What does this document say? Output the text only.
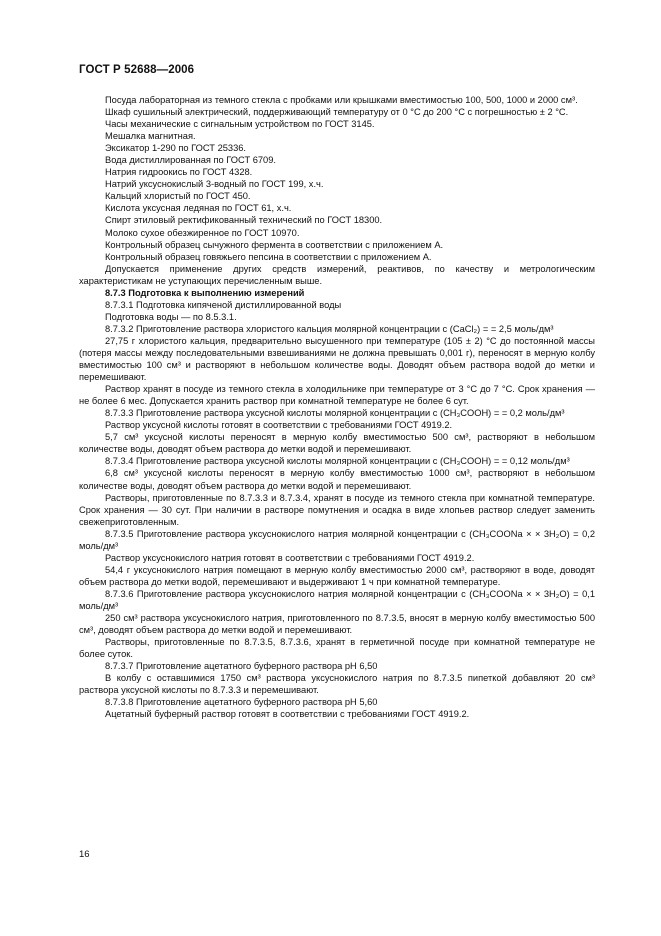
ГОСТ Р 52688—2006

Посуда лабораторная из темного стекла с пробками или крышками вместимостью 100, 500, 1000 и 2000 см³.

Шкаф сушильный электрический, поддерживающий температуру от 0 °С до 200 °С с погрешностью ± 2 °С.

Часы механические с сигнальным устройством по ГОСТ 3145.

Мешалка магнитная.

Эксикатор 1-290 по ГОСТ 25336.

Вода дистиллированная по ГОСТ 6709.

Натрия гидроокись по ГОСТ 4328.

Натрий уксуснокислый 3-водный по ГОСТ 199, х.ч.

Кальций хлористый по ГОСТ 450.

Кислота уксусная ледяная по ГОСТ 61, х.ч.

Спирт этиловый ректификованный технический по ГОСТ 18300.

Молоко сухое обезжиренное по ГОСТ 10970.

Контрольный образец сычужного фермента в соответствии с приложением А.

Контрольный образец говяжьего пепсина в соответствии с приложением А.

Допускается применение других средств измерений, реактивов, по качеству и метрологическим характеристикам не уступающих перечисленным выше.

8.7.3 Подготовка к выполнению измерений

8.7.3.1 Подготовка кипяченой дистиллированной воды

Подготовка воды — по 8.5.3.1.

8.7.3.2 Приготовление раствора хлористого кальция молярной концентрации c (CaCl₂) = = 2,5 моль/дм³

27,75 г хлористого кальция, предварительно высушенного при температуре (105 ± 2) °С до постоянной массы (потеря массы между последовательными взвешиваниями не должна превышать 0,001 г), переносят в мерную колбу вместимостью 100 см³ и растворяют в небольшом количестве воды. Доводят объем раствора водой до метки и перемешивают.

Раствор хранят в посуде из темного стекла в холодильнике при температуре от 3 °С до 7 °С. Срок хранения — не более 6 мес. Допускается хранить раствор при комнатной температуре не более 6 сут.

8.7.3.3 Приготовление раствора уксусной кислоты молярной концентрации c (CH₃COOH) = = 0,2 моль/дм³

Раствор уксусной кислоты готовят в соответствии с требованиями ГОСТ 4919.2.

5,7 см³ уксусной кислоты переносят в мерную колбу вместимостью 500 см³, растворяют в небольшом количестве воды, доводят объем раствора до метки водой и перемешивают.

8.7.3.4 Приготовление раствора уксусной кислоты молярной концентрации c (CH₃COOH) = = 0,12 моль/дм³

6,8 см³ уксусной кислоты переносят в мерную колбу вместимостью 1000 см³, растворяют в небольшом количестве воды, доводят объем раствора до метки водой и перемешивают.

Растворы, приготовленные по 8.7.3.3 и 8.7.3.4, хранят в посуде из темного стекла при комнатной температуре. Срок хранения — 30 сут. При наличии в растворе помутнения и осадка в виде хлопьев раствор следует заменить свежеприготовленным.

8.7.3.5 Приготовление раствора уксуснокислого натрия молярной концентрации c (CH₃COONa × × 3H₂O) = 0,2 моль/дм³

Раствор уксуснокислого натрия готовят в соответствии с требованиями ГОСТ 4919.2.

54,4 г уксуснокислого натрия помещают в мерную колбу вместимостью 2000 см³, растворяют в воде, доводят объем раствора до метки водой, перемешивают и выдерживают 1 ч при комнатной температуре.

8.7.3.6 Приготовление раствора уксуснокислого натрия молярной концентрации c (CH₃COONa × × 3H₂O) = 0,1 моль/дм³

250 см³ раствора уксуснокислого натрия, приготовленного по 8.7.3.5, вносят в мерную колбу вместимостью 500 см³, доводят объем раствора до метки водой и перемешивают.

Растворы, приготовленные по 8.7.3.5, 8.7.3.6, хранят в герметичной посуде при комнатной температуре не более суток.

8.7.3.7 Приготовление ацетатного буферного раствора pH 6,50

В колбу с оставшимися 1750 см³ раствора уксуснокислого натрия по 8.7.3.5 пипеткой добавляют 20 см³ раствора уксусной кислоты по 8.7.3.3 и перемешивают.

8.7.3.8 Приготовление ацетатного буферного раствора pH 5,60

Ацетатный буферный раствор готовят в соответствии с требованиями ГОСТ 4919.2.

16
